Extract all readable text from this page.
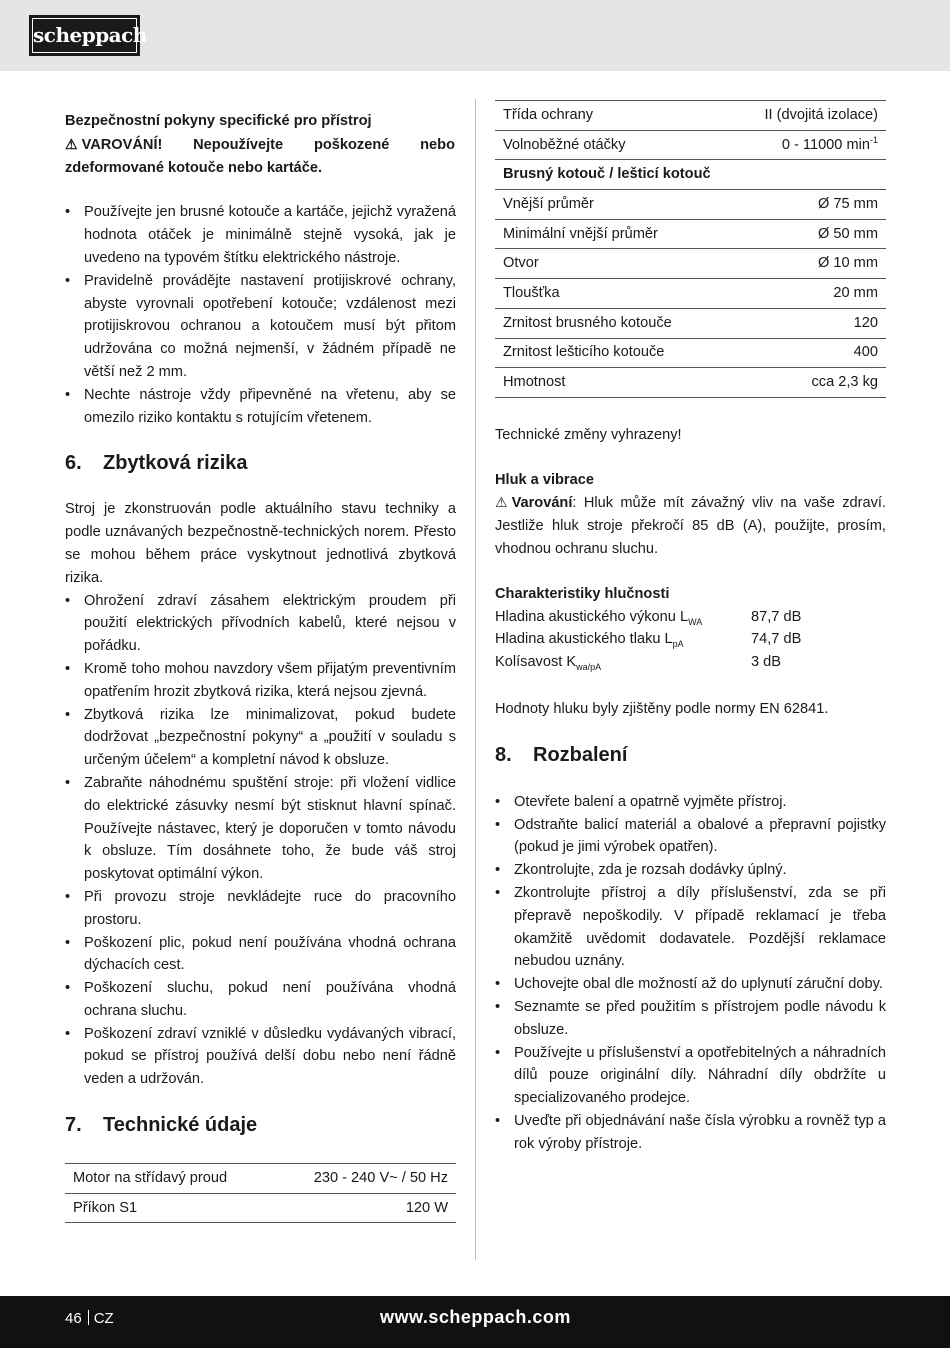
scheppach

Bezpečnostní pokyny specifické pro přístroj

⚠ VAROVÁNÍ! Nepoužívejte poškozené nebo zdeformované kotouče nebo kartáče.

• Používejte jen brusné kotouče a kartáče, jejichž vyražená hodnota otáček je minimálně stejně vysoká, jak je uvedeno na typovém štítku elektrického nástroje.
• Pravidelně provádějte nastavení protijiskrové ochrany, abyste vyrovnali opotřebení kotouče; vzdálenost mezi protijiskrovou ochranou a kotoučem musí být přitom udržována co možná nejmenší, v žádném případě ne větší než 2 mm.
• Nechte nástroje vždy připevněné na vřetenu, aby se omezilo riziko kontaktu s rotujícím vřetenem.
6. Zbytková rizika

Stroj je zkonstruován podle aktuálního stavu techniky a podle uznávaných bezpečnostně-technických norem. Přesto se mohou během práce vyskytnout jednotlivá zbytková rizika.

• Ohrožení zdraví zásahem elektrickým proudem při použití elektrických přívodních kabelů, které nejsou v pořádku.
• Kromě toho mohou navzdory všem přijatým preventivním opatřením hrozit zbytková rizika, která nejsou zjevná.
• Zbytková rizika lze minimalizovat, pokud budete dodržovat „bezpečnostní pokyny“ a „použití v souladu s určeným účelem“ a kompletní návod k obsluze.
• Zabraňte náhodnému spuštění stroje: při vložení vidlice do elektrické zásuvky nesmí být stisknut hlavní spínač. Používejte nástavec, který je doporučen v tomto návodu k obsluze. Tím dosáhnete toho, že bude váš stroj poskytovat optimální výkon.
• Při provozu stroje nevkládejte ruce do pracovního prostoru.
• Poškození plic, pokud není používána vhodná ochrana dýchacích cest.
• Poškození sluchu, pokud není používána vhodná ochrana sluchu.
• Poškození zdraví vzniklé v důsledku vydávaných vibrací, pokud se přístroj používá delší dobu nebo není řádně veden a udržován.
7. Technické údaje
Motor na střídavý proud	230 - 240 V~ / 50 Hz
Příkon S1	120 W
Třída ochrany	II (dvojitá izolace)
Volnoběžné otáčky	0 - 11000 $\min^{-1}$
Brusný kotouč / lešticí kotouč	
Vnější průměr	Ø 75 mm
Minimální vnější průměr	Ø 50 mm
Otvor	Ø 10 mm
Tloušťka	20 mm
Zrnitost brusného kotouče	120
Zrnitost lešticího kotouče	400
Hmotnost	cca 2,3 kg

Technické změny vyhrazeny!

Hluk a vibrace

⚠ Varování: Hluk může mít závažný vliv na vaše zdraví. Jestliže hluk stroje překročí 85 dB (A), použijte, prosím, vhodnou ochranu sluchu.

Charakteristiky hlučnosti

Hladina akustického výkonu $L_{WA}$	87,7 dB
Hladina akustického tlaku $L_{pA}$	74,7 dB
Kolísavost $K_{wa/pA}$	3 dB

Hodnoty hluku byly zjištěny podle normy EN 62841.

8. Rozbalení
• Otevřete balení a opatrně vyjměte přístroj.
• Odstraňte balicí materiál a obalové a přepravní pojistky (pokud je jimi výrobek opatřen).
• Zkontrolujte, zda je rozsah dodávky úplný.
• Zkontrolujte přístroj a díly příslušenství, zda se při přepravě nepoškodily. V případě reklamací je třeba okamžitě uvědomit dodavatele. Pozdější reklamace nebudou uznány.
• Uchovejte obal dle možností až do uplynutí záruční doby.
• Seznamte se před použitím s přístrojem podle návodu k obsluze.
• Používejte u příslušenství a opotřebitelných a náhradních dílů pouze originální díly. Náhradní díly obdržíte u specializovaného prodejce.
• Uveďte při objednávání naše čísla výrobku a rovněž typ a rok výroby přístroje.
46 CZ	www.scheppach.com
